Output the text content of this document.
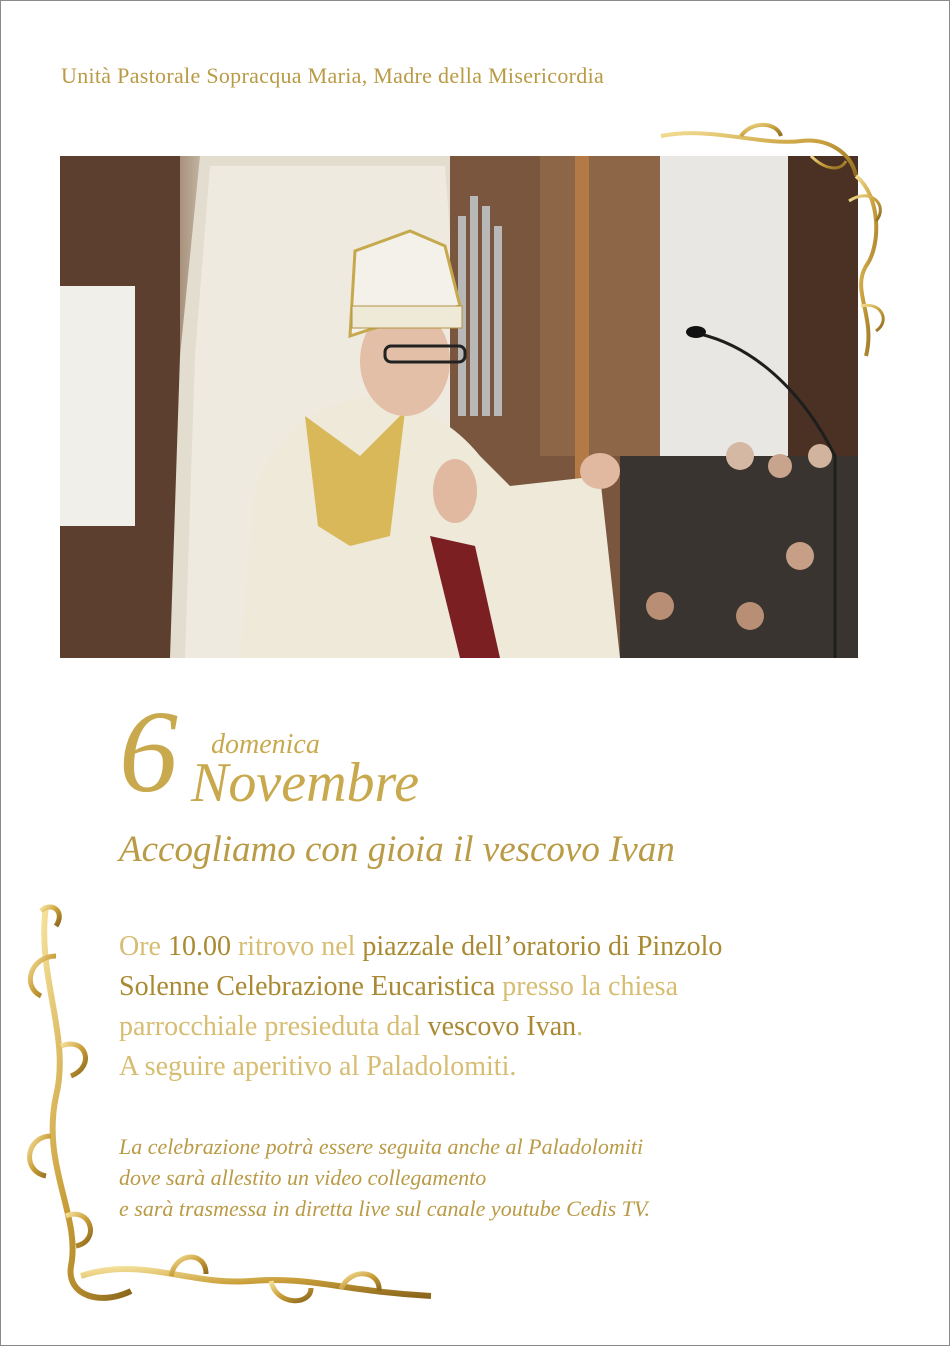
Unità Pastorale Sopracqua Maria, Madre della Misericordia
6 domenica
Novembre
Accogliamo con gioia il vescovo Ivan
Ore 10.00 ritrovo nel piazzale dell’oratorio di Pinzolo
Solenne Celebrazione Eucaristica presso la chiesa
parrocchiale presieduta dal vescovo Ivan.
A seguire aperitivo al Paladolomiti.
La celebrazione potrà essere seguita anche al Paladolomiti
dove sarà allestito un video collegamento
e sarà trasmessa in diretta live sul canale youtube Cedis TV.
